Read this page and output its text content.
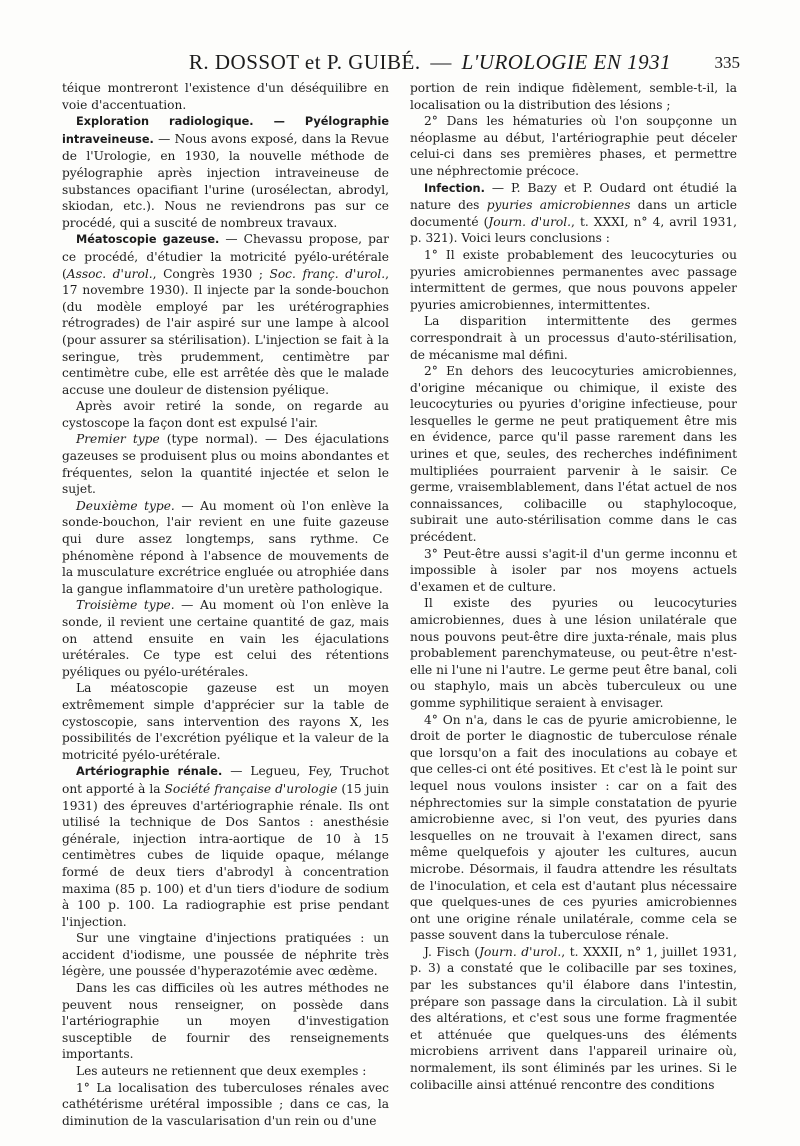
R. DOSSOT et P. GUIBÉ. — L'UROLOGIE EN 1931	335

téique montreront l'existence d'un déséquilibre en voie d'accentuation.

Exploration radiologique. — Pyélographie intraveineuse. — Nous avons exposé, dans la Revue de l'Urologie, en 1930, la nouvelle méthode de pyélographie après injection intraveineuse de substances opacifiant l'urine (urosélectan, abrodyl, skiodan, etc.). Nous ne reviendrons pas sur ce procédé, qui a suscité de nombreux travaux.

Méatoscopie gazeuse. — Chevassu propose, par ce procédé, d'étudier la motricité pyélo-urétérale (Assoc. d'urol., Congrès 1930 ; Soc. franç. d'urol., 17 novembre 1930). Il injecte par la sonde-bouchon (du modèle employé par les urétérographies rétrogrades) de l'air aspiré sur une lampe à alcool (pour assurer sa stérilisation). L'injection se fait à la seringue, très prudemment, centimètre par centimètre cube, elle est arrêtée dès que le malade accuse une douleur de distension pyélique.

Après avoir retiré la sonde, on regarde au cystoscope la façon dont est expulsé l'air.

Premier type (type normal). — Des éjaculations gazeuses se produisent plus ou moins abondantes et fréquentes, selon la quantité injectée et selon le sujet.

Deuxième type. — Au moment où l'on enlève la sonde-bouchon, l'air revient en une fuite gazeuse qui dure assez longtemps, sans rythme. Ce phénomène répond à l'absence de mouvements de la musculature excrétrice engluée ou atrophiée dans la gangue inflammatoire d'un uretère pathologique.

Troisième type. — Au moment où l'on enlève la sonde, il revient une certaine quantité de gaz, mais on attend ensuite en vain les éjaculations urétérales. Ce type est celui des rétentions pyéliques ou pyélo-urétérales.

La méatoscopie gazeuse est un moyen extrêmement simple d'apprécier sur la table de cystoscopie, sans intervention des rayons X, les possibilités de l'excrétion pyélique et la valeur de la motricité pyélo-urétérale.

Artériographie rénale. — Legueu, Fey, Truchot ont apporté à la Société française d'urologie (15 juin 1931) des épreuves d'artériographie rénale. Ils ont utilisé la technique de Dos Santos : anesthésie générale, injection intra-aortique de 10 à 15 centimètres cubes de liquide opaque, mélange formé de deux tiers d'abrodyl à concentration maxima (85 p. 100) et d'un tiers d'iodure de sodium à 100 p. 100. La radiographie est prise pendant l'injection.

Sur une vingtaine d'injections pratiquées : un accident d'iodisme, une poussée de néphrite très légère, une poussée d'hyperazotémie avec œdème.

Dans les cas difficiles où les autres méthodes ne peuvent nous renseigner, on possède dans l'artériographie un moyen d'investigation susceptible de fournir des renseignements importants.

Les auteurs ne retiennent que deux exemples :

1° La localisation des tuberculoses rénales avec cathétérisme urétéral impossible ; dans ce cas, la diminution de la vascularisation d'un rein ou d'une

portion de rein indique fidèlement, semble-t-il, la localisation ou la distribution des lésions ;

2° Dans les hématuries où l'on soupçonne un néoplasme au début, l'artériographie peut déceler celui-ci dans ses premières phases, et permettre une néphrectomie précoce.

Infection. — P. Bazy et P. Oudard ont étudié la nature des pyuries amicrobiennes dans un article documenté (Journ. d'urol., t. XXXI, n° 4, avril 1931, p. 321). Voici leurs conclusions :

1° Il existe probablement des leucocyturies ou pyuries amicrobiennes permanentes avec passage intermittent de germes, que nous pouvons appeler pyuries amicrobiennes, intermittentes.

La disparition intermittente des germes correspondrait à un processus d'auto-stérilisation, de mécanisme mal défini.

2° En dehors des leucocyturies amicrobiennes, d'origine mécanique ou chimique, il existe des leucocyturies ou pyuries d'origine infectieuse, pour lesquelles le germe ne peut pratiquement être mis en évidence, parce qu'il passe rarement dans les urines et que, seules, des recherches indéfiniment multipliées pourraient parvenir à le saisir. Ce germe, vraisemblablement, dans l'état actuel de nos connaissances, colibacille ou staphylocoque, subirait une auto-stérilisation comme dans le cas précédent.

3° Peut-être aussi s'agit-il d'un germe inconnu et impossible à isoler par nos moyens actuels d'examen et de culture.

Il existe des pyuries ou leucocyturies amicrobiennes, dues à une lésion unilatérale que nous pouvons peut-être dire juxta-rénale, mais plus probablement parenchymateuse, ou peut-être n'est-elle ni l'une ni l'autre. Le germe peut être banal, coli ou staphylo, mais un abcès tuberculeux ou une gomme syphilitique seraient à envisager.

4° On n'a, dans le cas de pyurie amicrobienne, le droit de porter le diagnostic de tuberculose rénale que lorsqu'on a fait des inoculations au cobaye et que celles-ci ont été positives. Et c'est là le point sur lequel nous voulons insister : car on a fait des néphrectomies sur la simple constatation de pyurie amicrobienne avec, si l'on veut, des pyuries dans lesquelles on ne trouvait à l'examen direct, sans même quelquefois y ajouter les cultures, aucun microbe. Désormais, il faudra attendre les résultats de l'inoculation, et cela est d'autant plus nécessaire que quelques-unes de ces pyuries amicrobiennes ont une origine rénale unilatérale, comme cela se passe souvent dans la tuberculose rénale.

J. Fisch (Journ. d'urol., t. XXXII, n° 1, juillet 1931, p. 3) a constaté que le colibacille par ses toxines, par les substances qu'il élabore dans l'intestin, prépare son passage dans la circulation. Là il subit des altérations, et c'est sous une forme fragmentée et atténuée que quelques-uns des éléments microbiens arrivent dans l'appareil urinaire où, normalement, ils sont éliminés par les urines. Si le colibacille ainsi atténué rencontre des conditions
